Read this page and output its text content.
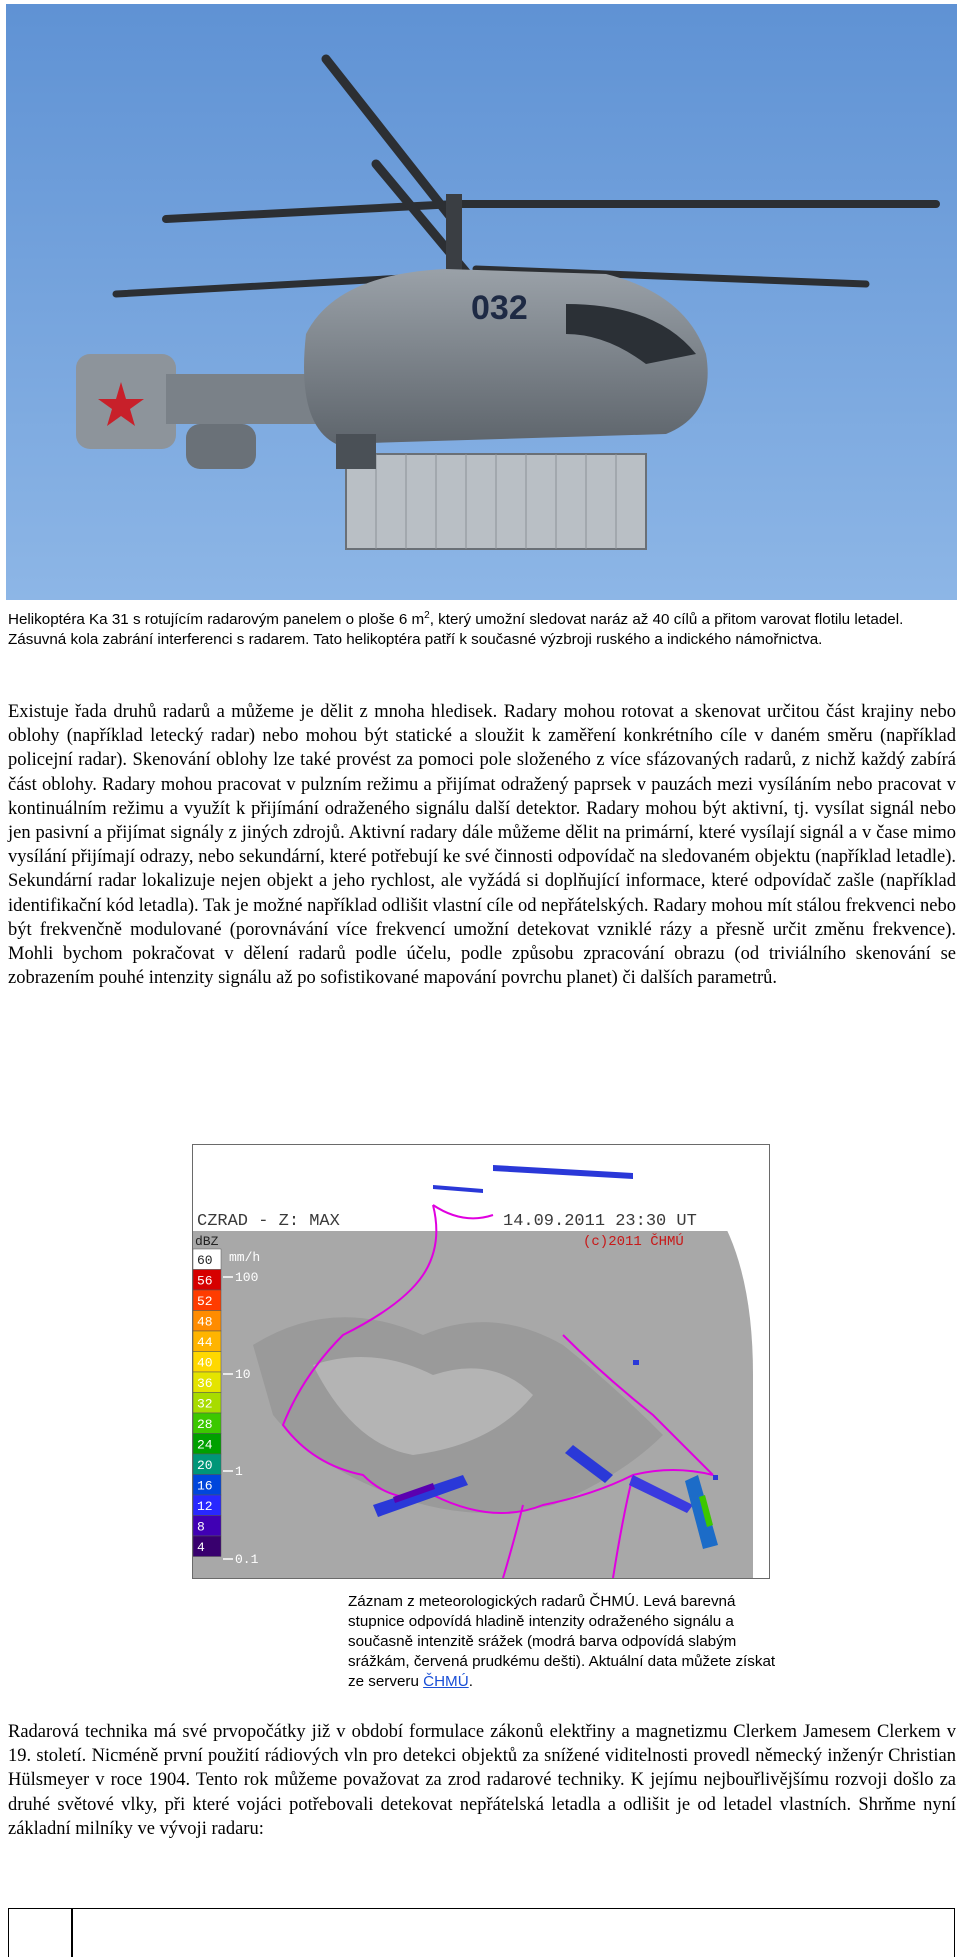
032
Helikoptéra Ka 31 s rotujícím radarovým panelem o ploše 6 $m^2$, který umožní sledovat naráz až 40 cílů a přitom varovat flotilu letadel. Zásuvná kola zabrání interferenci s radarem. Tato helikoptéra patří k současné výzbroji ruského a indického námořnictva.

Existuje řada druhů radarů a můžeme je dělit z mnoha hledisek. Radary mohou rotovat a skenovat určitou část krajiny nebo oblohy (například letecký radar) nebo mohou být statické a sloužit k zaměření konkrétního cíle v daném směru (například policejní radar). Skenování oblohy lze také provést za pomoci pole složeného z více sfázovaných radarů, z nichž každý zabírá část oblohy. Radary mohou pracovat v pulzním režimu a přijímat odražený paprsek v pauzách mezi vysíláním nebo pracovat v kontinuálním režimu a využít k přijímání odraženého signálu další detektor. Radary mohou být aktivní, tj. vysílat signál nebo jen pasivní a přijímat signály z jiných zdrojů. Aktivní radary dále můžeme dělit na primární, které vysílají signál a v čase mimo vysílání přijímají odrazy, nebo sekundární, které potřebují ke své činnosti odpovídač na sledovaném objektu (například letadle). Sekundární radar lokalizuje nejen objekt a jeho rychlost, ale vyžádá si doplňující informace, které odpovídač zašle (například identifikační kód letadla). Tak je možné například odlišit vlastní cíle od nepřátelských. Radary mohou mít stálou frekvenci nebo být frekvenčně modulované (porovnávání více frekvencí umožní detekovat vzniklé rázy a přesně určit změnu frekvence). Mohli bychom pokračovat v dělení radarů podle účelu, podle způsobu zpracování obrazu (od triviálního skenování se zobrazením pouhé intenzity signálu až po sofistikované mapování povrchu planet) či dalších parametrů.

CZRAD - Z: MAX	14.09.2011 23:30 UT
(c)2011 ČHMÚ
dBZ
mm/h
60
56
52
48
44
40
36
32
28
24
20
16
12
8
4
100
10
1
0.1
Záznam z meteorologických radarů ČHMÚ. Levá barevná stupnice odpovídá hladině intenzity odraženého signálu a současně intenzitě srážek (modrá barva odpovídá slabým srážkám, červená prudkému dešti). Aktuální data můžete získat ze serveru ČHMÚ.

Radarová technika má své prvopočátky již v období formulace zákonů elektřiny a magnetizmu Clerkem Jamesem Clerkem v 19. století. Nicméně první použití rádiových vln pro detekci objektů za snížené viditelnosti provedl německý inženýr Christian Hülsmeyer v roce 1904. Tento rok můžeme považovat za zrod radarové techniky. K jejímu nejbouřlivějšímu rozvoji došlo za druhé světové vlky, při které vojáci potřebovali detekovat nepřátelská letadla a odlišit je od letadel vlastních. Shrňme nyní základní milníky ve vývoji radaru:
